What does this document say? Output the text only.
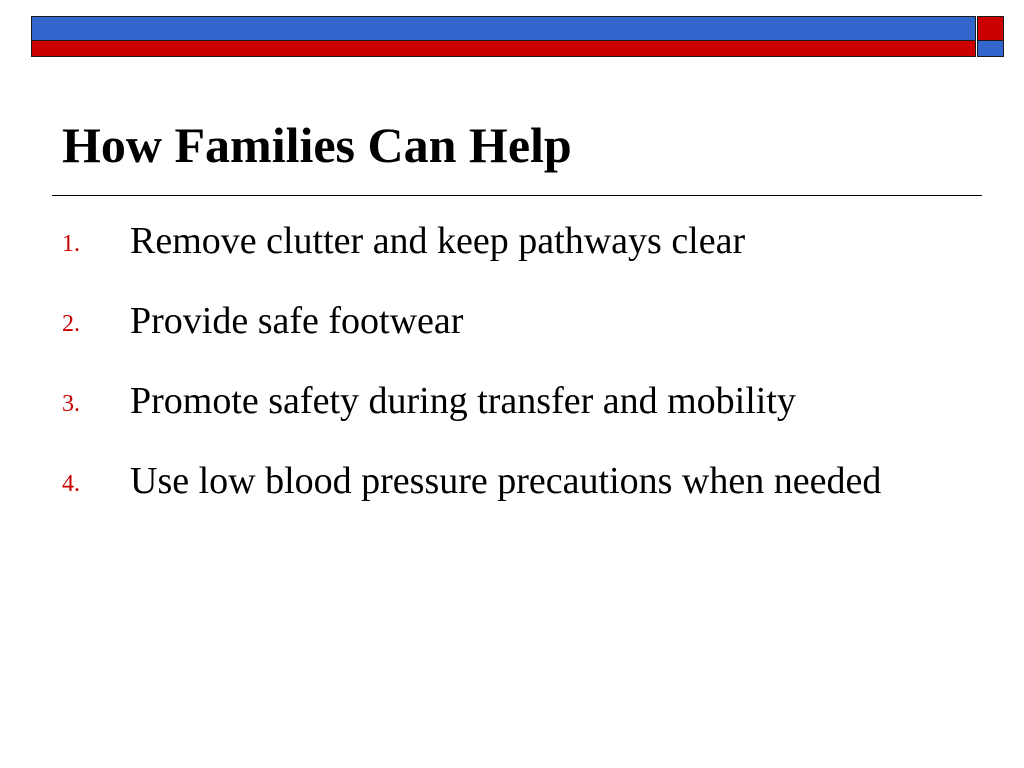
How Families Can Help
1. Remove clutter and keep pathways clear
2. Provide safe footwear
3. Promote safety during transfer and mobility
4. Use low blood pressure precautions when needed
